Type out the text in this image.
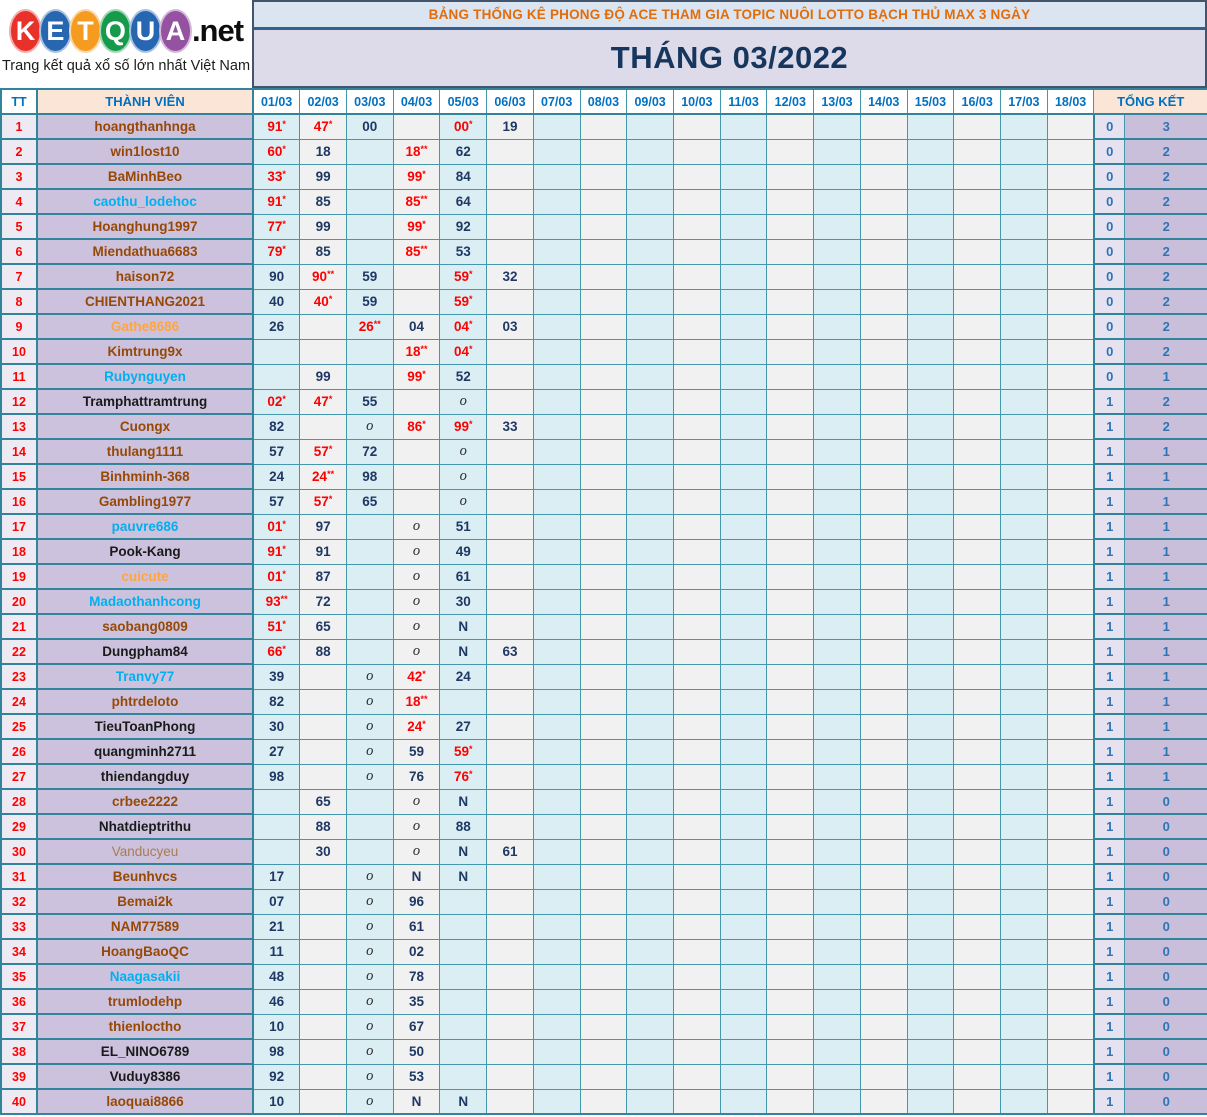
K E T Q U A .net
Trang kết quả xổ số lớn nhất Việt Nam
BẢNG THỐNG KÊ PHONG ĐỘ ACE THAM GIA TOPIC NUÔI LOTTO BẠCH THỦ MAX 3 NGÀY
THÁNG 03/2022
TT	THÀNH VIÊN	01/03	02/03	03/03	04/03	05/03	06/03	07/03	08/03	09/03	10/03	11/03	12/03	13/03	14/03	15/03	16/03	17/03	18/03	TỔNG KẾT	
1	hoangthanhnga	91*	47*	00		00*	19													0	3
2	win1lost10	60*	18		18**	62														0	2
3	BaMinhBeo	33*	99		99*	84														0	2
4	caothu_lodehoc	91*	85		85**	64														0	2
5	Hoanghung1997	77*	99		99*	92														0	2
6	Miendathua6683	79*	85		85**	53														0	2
7	haison72	90	90**	59		59*	32													0	2
8	CHIENTHANG2021	40	40*	59		59*														0	2
9	Gathe8686	26		26**	04	04*	03													0	2
10	Kimtrung9x				18**	04*														0	2
11	Rubynguyen		99		99*	52														0	1
12	Tramphattramtrung	02*	47*	55		o														1	2
13	Cuongx	82		o	86*	99*	33													1	2
14	thulang1111	57	57*	72		o														1	1
15	Binhminh-368	24	24**	98		o														1	1
16	Gambling1977	57	57*	65		o														1	1
17	pauvre686	01*	97		o	51														1	1
18	Pook-Kang	91*	91		o	49														1	1
19	cuicute	01*	87		o	61														1	1
20	Madaothanhcong	93**	72		o	30														1	1
21	saobang0809	51*	65		o	N														1	1
22	Dungpham84	66*	88		o	N	63													1	1
23	Tranvy77	39		o	42*	24														1	1
24	phtrdeloto	82		o	18**															1	1
25	TieuToanPhong	30		o	24*	27														1	1
26	quangminh2711	27		o	59	59*														1	1
27	thiendangduy	98		o	76	76*														1	1
28	crbee2222		65		o	N														1	0
29	Nhatdieptrithu		88		o	88														1	0
30	Vanducyeu		30		o	N	61													1	0
31	Beunhvcs	17		o	N	N														1	0
32	Bemai2k	07		o	96															1	0
33	NAM77589	21		o	61															1	0
34	HoangBaoQC	11		o	02															1	0
35	Naagasakii	48		o	78															1	0
36	trumlodehp	46		o	35															1	0
37	thienloctho	10		o	67															1	0
38	EL_NINO6789	98		o	50															1	0
39	Vuduy8386	92		o	53															1	0
40	laoquai8866	10		o	N	N														1	0
